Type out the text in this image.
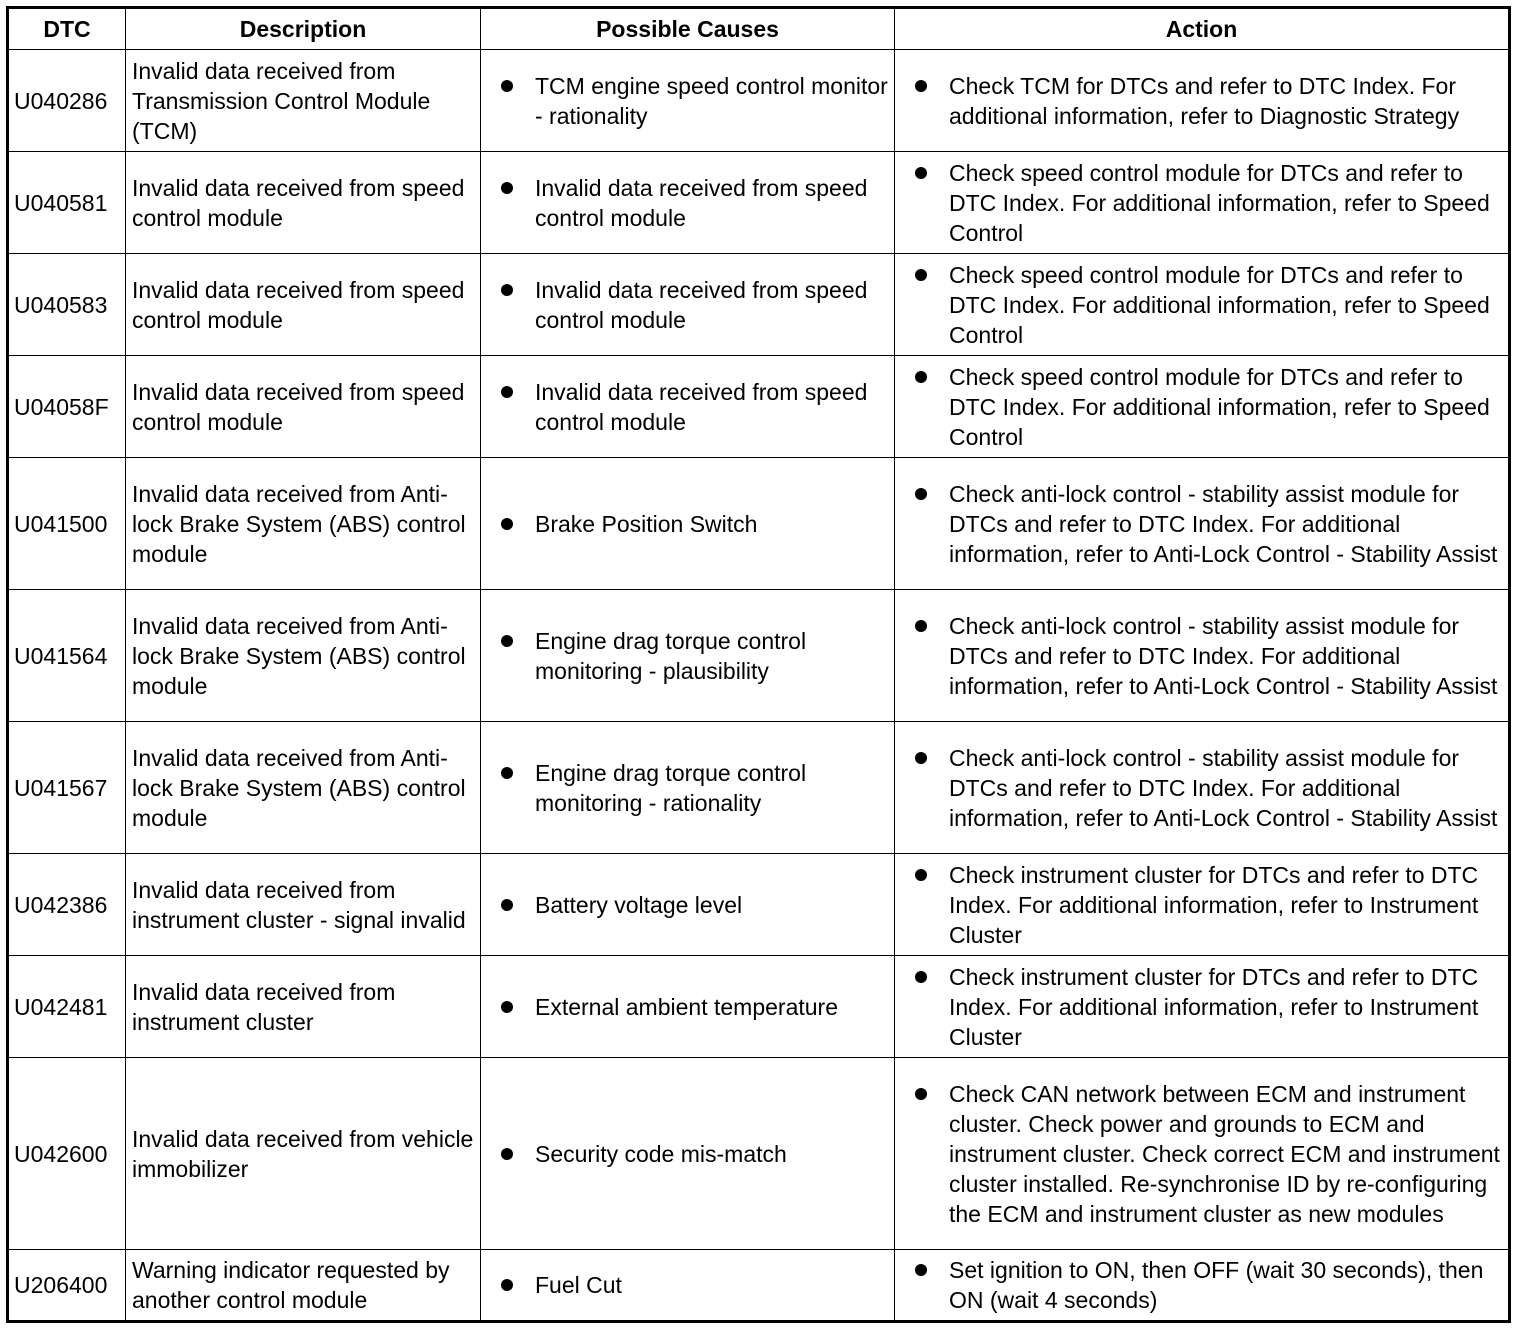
DTC	Description	Possible Causes	Action
U040286	Invalid data received from Transmission Control Module (TCM)	TCM engine speed control monitor - rationality	Check TCM for DTCs and refer to DTC Index. For additional information, refer to Diagnostic Strategy

U040581	Invalid data received from speed control module	Invalid data received from speed control module	Check speed control module for DTCs and refer to DTC Index. For additional information, refer to Speed Control

U040583	Invalid data received from speed control module	Invalid data received from speed control module	Check speed control module for DTCs and refer to DTC Index. For additional information, refer to Speed Control

U04058F	Invalid data received from speed control module	Invalid data received from speed control module	Check speed control module for DTCs and refer to DTC Index. For additional information, refer to Speed Control

U041500	Invalid data received from Anti-lock Brake System (ABS) control module	Brake Position Switch	Check anti-lock control - stability assist module for DTCs and refer to DTC Index. For additional information, refer to Anti-Lock Control - Stability Assist

U041564	Invalid data received from Anti-lock Brake System (ABS) control module	Engine drag torque control monitoring - plausibility	Check anti-lock control - stability assist module for DTCs and refer to DTC Index. For additional information, refer to Anti-Lock Control - Stability Assist

U041567	Invalid data received from Anti-lock Brake System (ABS) control module	Engine drag torque control monitoring - rationality	Check anti-lock control - stability assist module for DTCs and refer to DTC Index. For additional information, refer to Anti-Lock Control - Stability Assist

U042386	Invalid data received from instrument cluster - signal invalid	Battery voltage level	Check instrument cluster for DTCs and refer to DTC Index. For additional information, refer to Instrument Cluster

U042481	Invalid data received from instrument cluster	External ambient temperature	Check instrument cluster for DTCs and refer to DTC Index. For additional information, refer to Instrument Cluster

U042600	Invalid data received from vehicle immobilizer	Security code mis-match	Check CAN network between ECM and instrument cluster. Check power and grounds to ECM and instrument cluster. Check correct ECM and instrument cluster installed. Re-synchronise ID by re-configuring the ECM and instrument cluster as new modules

U206400	Warning indicator requested by another control module	Fuel Cut	Set ignition to ON, then OFF (wait 30 seconds), then ON (wait 4 seconds)
